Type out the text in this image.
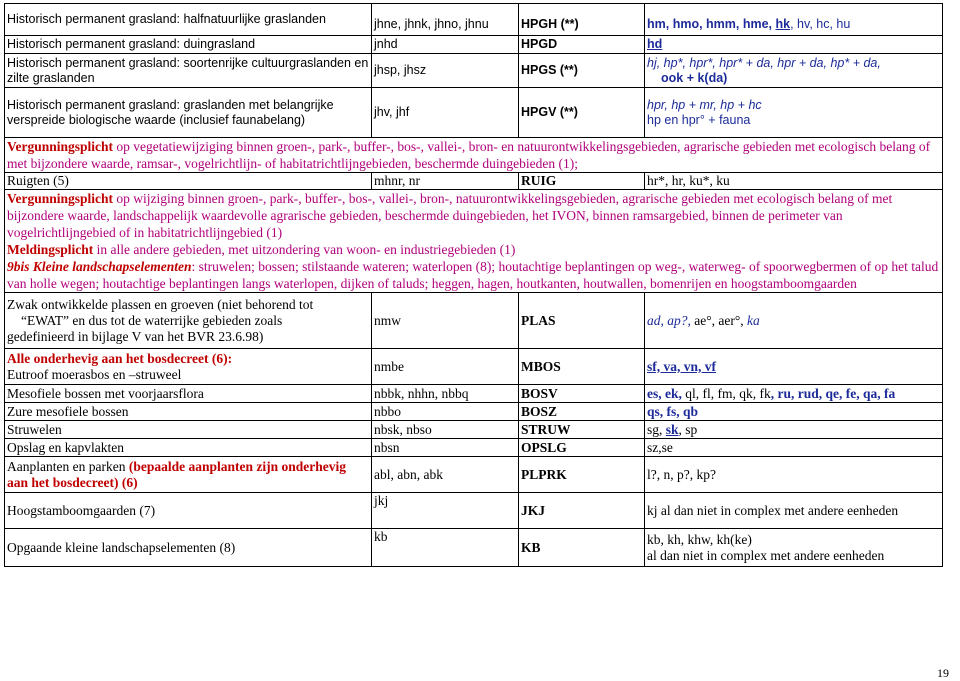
Historisch permanent grasland: halfnatuurlijke graslanden	jhne, jhnk, jhno, jhnu	HPGH (**)	hm, hmo, hmm, hme, hk, hv, hc, hu
Historisch permanent grasland: duingrasland	jnhd	HPGD	hd
Historisch permanent grasland: soortenrijke cultuurgraslanden en zilte graslanden	jhsp, jhsz	HPGS (**)	hj, hp*, hpr*, hpr* + da, hpr + da, hp* + da,
ook + k(da)
Historisch permanent grasland: graslanden met belangrijke verspreide biologische waarde (inclusief faunabelang)	jhv, jhf	HPGV (**)	hpr, hp + mr, hp + hc
hp en hpr° + fauna
Vergunningsplicht op vegetatiewijziging binnen groen-, park-, buffer-, bos-, vallei-, bron- en natuurontwikkelingsgebieden, agrarische gebieden met ecologisch belang of met bijzondere waarde, ramsar-, vogelrichtlijn- of habitatrichtlijngebieden, beschermde duingebieden (1);			
Ruigten (5)	mhnr, nr	RUIG	hr*, hr, ku*, ku

Vergunningsplicht op wijziging binnen groen-, park-, buffer-, bos-, vallei-, bron-, natuurontwikkelingsgebieden, agrarische gebieden met ecologisch belang of met bijzondere waarde, landschappelijk waardevolle agrarische gebieden, beschermde duingebieden, het IVON, binnen ramsargebied, binnen de perimeter van vogelrichtlijngebied of in habitatrichtlijngebied (1)
Meldingsplicht in alle andere gebieden, met uitzondering van woon- en industriegebieden (1)
9bis Kleine landschapselementen: struwelen; bossen; stilstaande wateren; waterlopen (8); houtachtige beplantingen op weg-, waterweg- of spoorwegbermen of op het talud van holle wegen; houtachtige beplantingen langs waterlopen, dijken of taluds; heggen, hagen, houtkanten, houtwallen, bomenrijen en hoogstamboomgaarden			

Zwak ontwikkelde plassen en groeven (niet behorend tot
“EWAT” en dus tot de waterrijke gebieden zoals
gedefinieerd in bijlage V van het BVR 23.6.98)	nmw	PLAS	ad, ap?, ae°, aer°, ka

Alle onderhevig aan het bosdecreet (6):
Eutroof moerasbos en –struweel	nmbe	MBOS	sf, va, vn, vf
Mesofiele bossen met voorjaarsflora	nbbk, nhhn, nbbq	BOSV	es, ek, ql, fl, fm, qk, fk, ru, rud, qe, fe, qa, fa
Zure mesofiele bossen	nbbo	BOSZ	qs, fs, qb
Struwelen	nbsk, nbso	STRUW	sg, sk, sp
Opslag en kapvlakten	nbsn	OPSLG	sz,se
Aanplanten en parken (bepaalde aanplanten zijn onderhevig aan het bosdecreet) (6)	abl, abn, abk	PLPRK	l?, n, p?, kp?
Hoogstamboomgaarden (7)	jkj	JKJ	kj al dan niet in complex met andere eenheden
Opgaande kleine landschapselementen (8)	kb	KB	kb, kh, khw, kh(ke)
al dan niet in complex met andere eenheden
19
